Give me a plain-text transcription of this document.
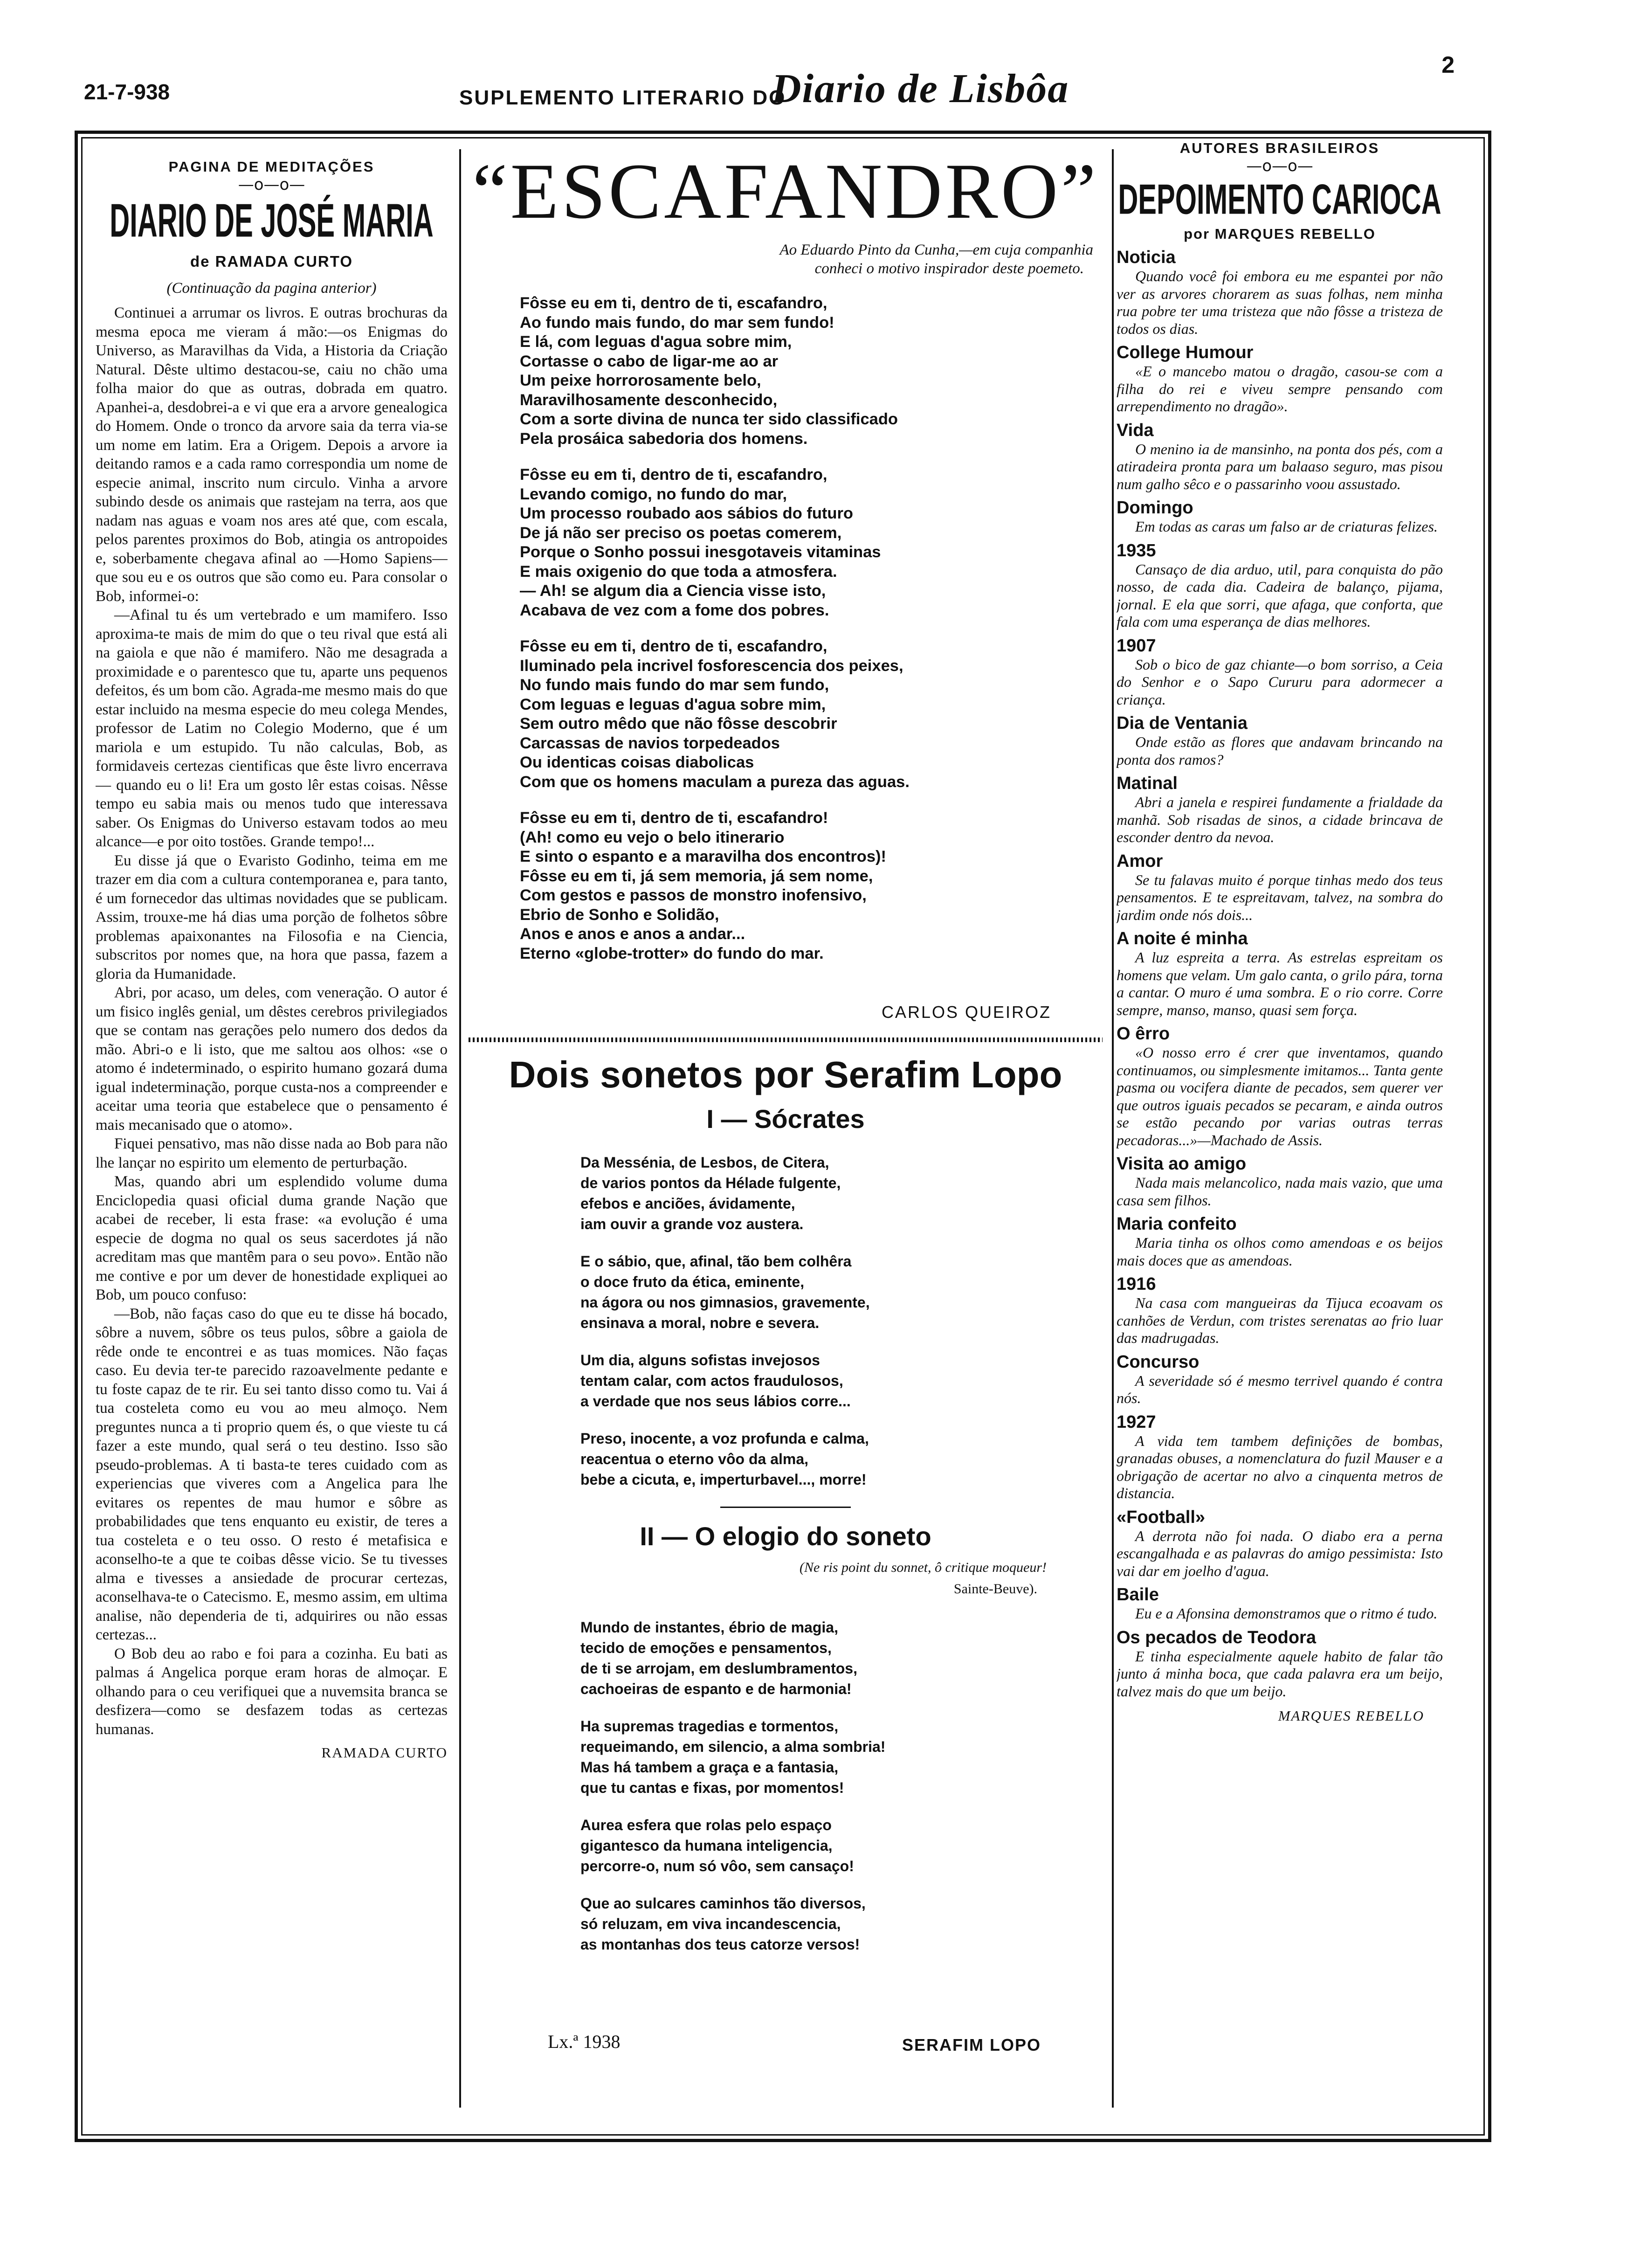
21-7-938	SUPLEMENTO LITERARIO DO
Diario de Lisbôa
2
PAGINA DE MEDITAÇÕES
—o—o—
DIARIO DE JOSÉ MARIA
de RAMADA CURTO
(Continuação da pagina anterior)

Continuei a arrumar os livros. E outras brochuras da mesma epoca me vieram á mão:—os Enigmas do Universo, as Maravilhas da Vida, a Historia da Criação Natural. Dêste ultimo destacou-se, caiu no chão uma folha maior do que as outras, dobrada em quatro. Apanhei-a, desdobrei-a e vi que era a arvore genealogica do Homem. Onde o tronco da arvore saia da terra via-se um nome em latim. Era a Origem. Depois a arvore ia deitando ramos e a cada ramo correspondia um nome de especie animal, inscrito num circulo. Vinha a arvore subindo desde os animais que rastejam na terra, aos que nadam nas aguas e voam nos ares até que, com escala, pelos parentes proximos do Bob, atingia os antropoides e, soberbamente chegava afinal ao —Homo Sapiens—que sou eu e os outros que são como eu. Para consolar o Bob, informei-o:

—Afinal tu és um vertebrado e um mamifero. Isso aproxima-te mais de mim do que o teu rival que está ali na gaiola e que não é mamifero. Não me desagrada a proximidade e o parentesco que tu, aparte uns pequenos defeitos, és um bom cão. Agrada-me mesmo mais do que estar incluido na mesma especie do meu colega Mendes, professor de Latim no Colegio Moderno, que é um mariola e um estupido. Tu não calculas, Bob, as formidaveis certezas cientificas que êste livro encerrava— quando eu o li! Era um gosto lêr estas coisas. Nêsse tempo eu sabia mais ou menos tudo que interessava saber. Os Enigmas do Universo estavam todos ao meu alcance—e por oito tostões. Grande tempo!...

Eu disse já que o Evaristo Godinho, teima em me trazer em dia com a cultura contemporanea e, para tanto, é um fornecedor das ultimas novidades que se publicam. Assim, trouxe-me há dias uma porção de folhetos sôbre problemas apaixonantes na Filosofia e na Ciencia, subscritos por nomes que, na hora que passa, fazem a gloria da Humanidade.

Abri, por acaso, um deles, com veneração. O autor é um fisico inglês genial, um dêstes cerebros privilegiados que se contam nas gerações pelo numero dos dedos da mão. Abri-o e li isto, que me saltou aos olhos: «se o atomo é indeterminado, o espirito humano gozará duma igual indeterminação, porque custa-nos a compreender e aceitar uma teoria que estabelece que o pensamento é mais mecanisado que o atomo».

Fiquei pensativo, mas não disse nada ao Bob para não lhe lançar no espirito um elemento de perturbação.

Mas, quando abri um esplendido volume duma Enciclopedia quasi oficial duma grande Nação que acabei de receber, li esta frase: «a evolução é uma especie de dogma no qual os seus sacerdotes já não acreditam mas que mantêm para o seu povo». Então não me contive e por um dever de honestidade expliquei ao Bob, um pouco confuso:

—Bob, não faças caso do que eu te disse há bocado, sôbre a nuvem, sôbre os teus pulos, sôbre a gaiola de rêde onde te encontrei e as tuas momices. Não faças caso. Eu devia ter-te parecido razoavelmente pedante e tu foste capaz de te rir. Eu sei tanto disso como tu. Vai á tua costeleta como eu vou ao meu almoço. Nem preguntes nunca a ti proprio quem és, o que vieste tu cá fazer a este mundo, qual será o teu destino. Isso são pseudo-problemas. A ti basta-te teres cuidado com as experiencias que viveres com a Angelica para lhe evitares os repentes de mau humor e sôbre as probabilidades que tens enquanto eu existir, de teres a tua costeleta e o teu osso. O resto é metafisica e aconselho-te a que te coibas dêsse vicio. Se tu tivesses alma e tivesses a ansiedade de procurar certezas, aconselhava-te o Catecismo. E, mesmo assim, em ultima analise, não dependeria de ti, adquirires ou não essas certezas...

O Bob deu ao rabo e foi para a cozinha. Eu bati as palmas á Angelica porque eram horas de almoçar. E olhando para o ceu verifiquei que a nuvemsita branca se desfizera—como se desfazem todas as certezas humanas.

RAMADA CURTO
“ESCAFANDRO”
Ao Eduardo Pinto da Cunha,—em cuja companhia
conheci o motivo inspirador deste poemeto.
Fôsse eu em ti, dentro de ti, escafandro,
Ao fundo mais fundo, do mar sem fundo!
E lá, com leguas d'agua sobre mim,
Cortasse o cabo de ligar-me ao ar
Um peixe horrorosamente belo,
Maravilhosamente desconhecido,
Com a sorte divina de nunca ter sido classificado
Pela prosáica sabedoria dos homens.
Fôsse eu em ti, dentro de ti, escafandro,
Levando comigo, no fundo do mar,
Um processo roubado aos sábios do futuro
De já não ser preciso os poetas comerem,
Porque o Sonho possui inesgotaveis vitaminas
E mais oxigenio do que toda a atmosfera.
— Ah! se algum dia a Ciencia visse isto,
Acabava de vez com a fome dos pobres.
Fôsse eu em ti, dentro de ti, escafandro,
Iluminado pela incrivel fosforescencia dos peixes,
No fundo mais fundo do mar sem fundo,
Com leguas e leguas d'agua sobre mim,
Sem outro mêdo que não fôsse descobrir
Carcassas de navios torpedeados
Ou identicas coisas diabolicas
Com que os homens maculam a pureza das aguas.
Fôsse eu em ti, dentro de ti, escafandro!
(Ah! como eu vejo o belo itinerario
E sinto o espanto e a maravilha dos encontros)!
Fôsse eu em ti, já sem memoria, já sem nome,
Com gestos e passos de monstro inofensivo,
Ebrio de Sonho e Solidão,
Anos e anos e anos a andar...
Eterno «globe-trotter» do fundo do mar.
CARLOS QUEIROZ
Dois sonetos por Serafim Lopo
I — Sócrates
Da Messénia, de Lesbos, de Citera,
de varios pontos da Hélade fulgente,
efebos e anciões, ávidamente,
iam ouvir a grande voz austera.
E o sábio, que, afinal, tão bem colhêra
o doce fruto da ética, eminente,
na ágora ou nos gimnasios, gravemente,
ensinava a moral, nobre e severa.
Um dia, alguns sofistas invejosos
tentam calar, com actos fraudulosos,
a verdade que nos seus lábios corre...
Preso, inocente, a voz profunda e calma,
reacentua o eterno vôo da alma,
bebe a cicuta, e, imperturbavel..., morre!
II — O elogio do soneto
(Ne ris point du sonnet, ô critique moqueur!
Sainte-Beuve).
Mundo de instantes, ébrio de magia,
tecido de emoções e pensamentos,
de ti se arrojam, em deslumbramentos,
cachoeiras de espanto e de harmonia!
Ha supremas tragedias e tormentos,
requeimando, em silencio, a alma sombria!
Mas há tambem a graça e a fantasia,
que tu cantas e fixas, por momentos!
Aurea esfera que rolas pelo espaço
gigantesco da humana inteligencia,
percorre-o, num só vôo, sem cansaço!
Que ao sulcares caminhos tão diversos,
só reluzam, em viva incandescencia,
as montanhas dos teus catorze versos!
Lx.ª 1938	SERAFIM LOPO
AUTORES BRASILEIROS
—o—o—
DEPOIMENTO CARIOCA
por MARQUES REBELLO
Noticia
Quando você foi embora eu me espantei por não ver as arvores chorarem as suas folhas, nem minha rua pobre ter uma tristeza que não fôsse a tristeza de todos os dias.
College Humour
«E o mancebo matou o dragão, casou-se com a filha do rei e viveu sempre pensando com arrependimento no dragão».
Vida
O menino ia de mansinho, na ponta dos pés, com a atiradeira pronta para um balaaso seguro, mas pisou num galho sêco e o passarinho voou assustado.
Domingo
Em todas as caras um falso ar de criaturas felizes.
1935
Cansaço de dia arduo, util, para conquista do pão nosso, de cada dia. Cadeira de balanço, pijama, jornal. E ela que sorri, que afaga, que conforta, que fala com uma esperança de dias melhores.
1907
Sob o bico de gaz chiante—o bom sorriso, a Ceia do Senhor e o Sapo Cururu para adormecer a criança.
Dia de Ventania
Onde estão as flores que andavam brincando na ponta dos ramos?
Matinal
Abri a janela e respirei fundamente a frialdade da manhã. Sob risadas de sinos, a cidade brincava de esconder dentro da nevoa.
Amor
Se tu falavas muito é porque tinhas medo dos teus pensamentos. E te espreitavam, talvez, na sombra do jardim onde nós dois...
A noite é minha
A luz espreita a terra. As estrelas espreitam os homens que velam. Um galo canta, o grilo pára, torna a cantar. O muro é uma sombra. E o rio corre. Corre sempre, manso, manso, quasi sem força.
O êrro
«O nosso erro é crer que inventamos, quando continuamos, ou simplesmente imitamos... Tanta gente pasma ou vocifera diante de pecados, sem querer ver que outros iguais pecados se pecaram, e ainda outros se estão pecando por varias outras terras pecadoras...»—Machado de Assis.
Visita ao amigo
Nada mais melancolico, nada mais vazio, que uma casa sem filhos.
Maria confeito
Maria tinha os olhos como amendoas e os beijos mais doces que as amendoas.
1916
Na casa com mangueiras da Tijuca ecoavam os canhões de Verdun, com tristes serenatas ao frio luar das madrugadas.
Concurso
A severidade só é mesmo terrivel quando é contra nós.
1927
A vida tem tambem definições de bombas, granadas obuses, a nomenclatura do fuzil Mauser e a obrigação de acertar no alvo a cinquenta metros de distancia.
«Football»
A derrota não foi nada. O diabo era a perna escangalhada e as palavras do amigo pessimista: Isto vai dar em joelho d'agua.
Baile
Eu e a Afonsina demonstramos que o ritmo é tudo.
Os pecados de Teodora
E tinha especialmente aquele habito de falar tão junto á minha boca, que cada palavra era um beijo, talvez mais do que um beijo.
MARQUES REBELLO
